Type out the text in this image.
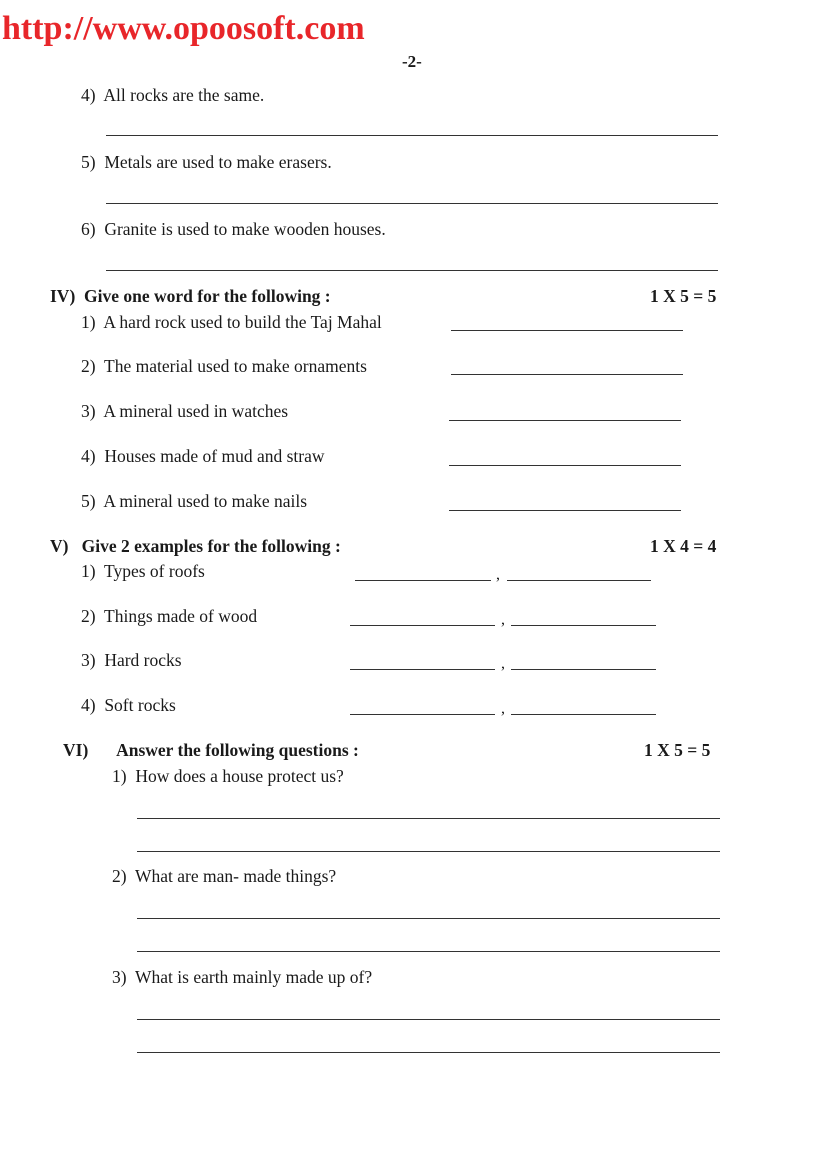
http://www.opoosoft.com
-2-
4) All rocks are the same.
5) Metals are used to make erasers.
6) Granite is used to make wooden houses.
IV) Give one word for the following :	1 X 5 = 5
1) A hard rock used to build the Taj Mahal
2) The material used to make ornaments
3) A mineral used in watches
4) Houses made of mud and straw
5) A mineral used to make nails
V) Give 2 examples for the following :	1 X 4 = 4
1) Types of roofs	,
2) Things made of wood	,
3) Hard rocks	,
4) Soft rocks	,
VI) Answer the following questions :	1 X 5 = 5
1) How does a house protect us?
2) What are man- made things?
3) What is earth mainly made up of?
